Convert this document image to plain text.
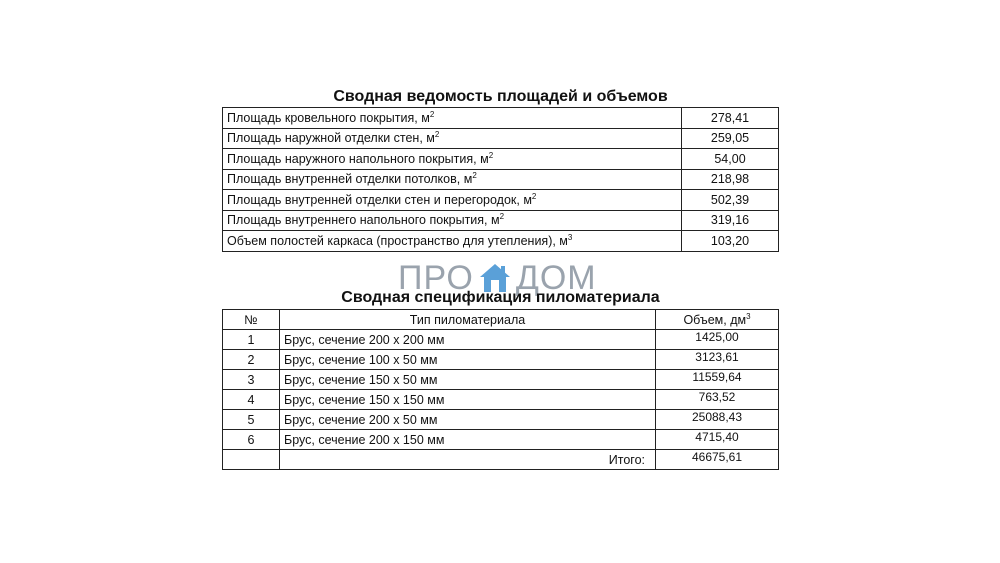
Сводная ведомость площадей и объемов
Площадь кровельного покрытия, $м^2$	278,41
Площадь наружной отделки стен, $м^2$	259,05
Площадь наружного напольного покрытия, $м^2$	54,00
Площадь внутренней отделки потолков, $м^2$	218,98
Площадь внутренней отделки стен и перегородок, $м^2$	502,39
Площадь внутреннего напольного покрытия, $м^2$	319,16
Объем полостей каркаса (пространство для утепления), $м^3$	103,20
ПРО ДОМ
Сводная спецификация пиломатериала
№	Тип пиломатериала	Объем, $дм^3$
1	Брус, сечение 200 х 200 мм	1425,00
2	Брус, сечение 100 х 50 мм	3123,61
3	Брус, сечение 150 х 50 мм	11559,64
4	Брус, сечение 150 х 150 мм	763,52
5	Брус, сечение 200 х 50 мм	25088,43
6	Брус, сечение 200 х 150 мм	4715,40
	Итого:	46675,61
